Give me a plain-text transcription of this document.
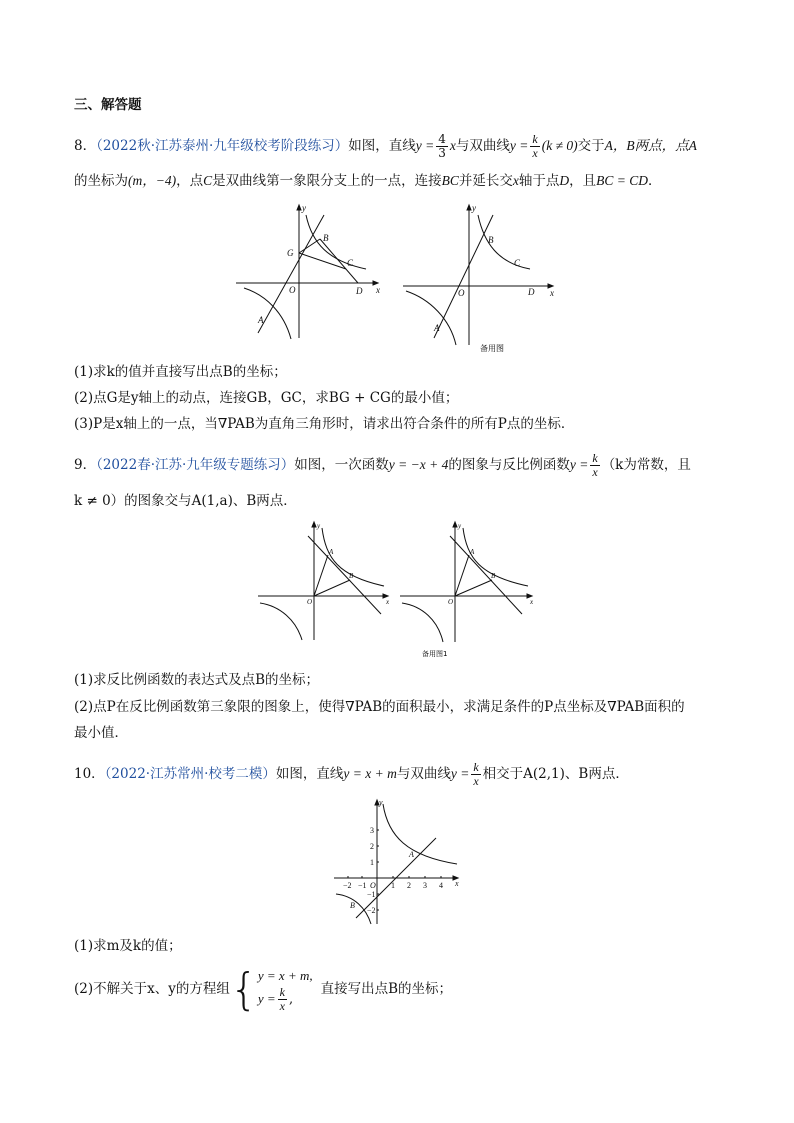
三、解答题
8．（2022秋·江苏泰州·九年级校考阶段练习）如图，直线$y = \frac{4}{3}$ x与双曲线$y = \frac{k}{x} (k \ne 0)$交于A，B两点，点A
的坐标为(m，−4)，点C是双曲线第一象限分支上的一点，连接BC并延长交x轴于点D，且BC = CD．
y
x
O
A
B
C
D
G
y
x
O
A
B
C
D
备用图
(1)求k的值并直接写出点B的坐标；
(2)点G是y轴上的动点，连接GB，GC，求BG + CG的最小值；
(3)P是x轴上的一点，当∇PAB为直角三角形时，请求出符合条件的所有P点的坐标．
9．（2022春·江苏·九年级专题练习）如图，一次函数y = −x + 4的图象与反比例函数$y = \frac{k}{x} (k$为常数，且
k ≠ 0）的图象交与A(1,a)、B两点．
y
x
O
A
B
y
x
O
A
B
备用图1
(1)求反比例函数的表达式及点B的坐标；
(2)点P在反比例函数第三象限的图象上，使得∇PAB的面积最小，求满足条件的P点坐标及∇PAB面积的
最小值．
10．（2022·江苏常州·校考二模）如图，直线y = x + m与双曲线$y = \frac{k}{x}$ 相交于A(2,1)、B两点．
y
x
−2 −1 O 1 2 3 4
3
2
1
−1
−2
A
B
(1)求m及k的值；
(2)不解关于x、y的方程组{ y = x + m,
$y = \frac{k}{x}$ ,
直接写出点B的坐标；
